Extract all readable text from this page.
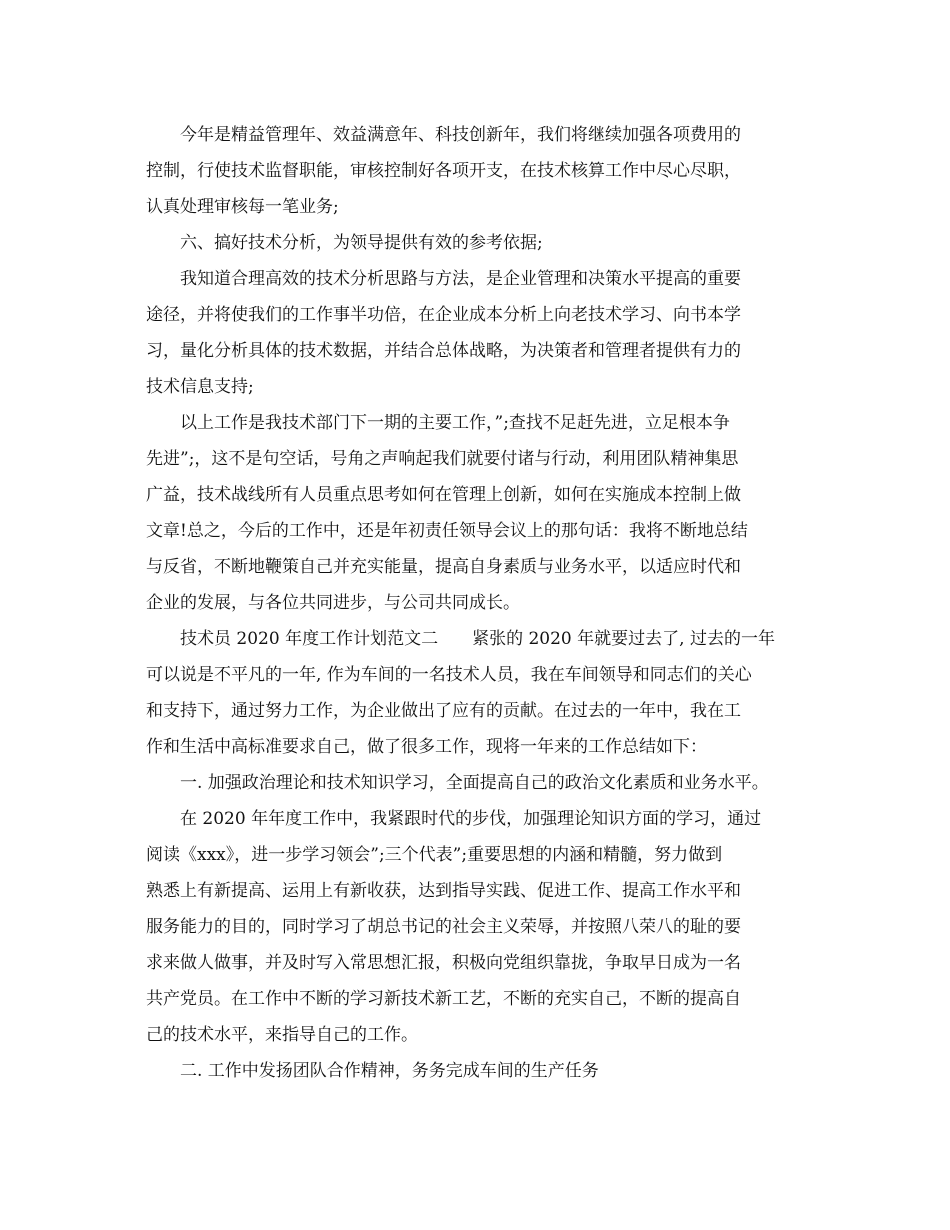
今年是精益管理年、效益满意年、科技创新年，我们将继续加强各项费用的
控制，行使技术监督职能，审核控制好各项开支，在技术核算工作中尽心尽职，
认真处理审核每一笔业务;
六、搞好技术分析，为领导提供有效的参考依据;
我知道合理高效的技术分析思路与方法，是企业管理和决策水平提高的重要
途径，并将使我们的工作事半功倍，在企业成本分析上向老技术学习、向书本学
习，量化分析具体的技术数据，并结合总体战略，为决策者和管理者提供有力的
技术信息支持;
以上工作是我技术部门下一期的主要工作，”;查找不足赶先进，立足根本争
先进”;，这不是句空话，号角之声响起我们就要付诸与行动，利用团队精神集思
广益，技术战线所有人员重点思考如何在管理上创新，如何在实施成本控制上做
文章!总之，今后的工作中，还是年初责任领导会议上的那句话：我将不断地总结
与反省，不断地鞭策自己并充实能量，提高自身素质与业务水平，以适应时代和
企业的发展，与各位共同进步，与公司共同成长。
技术员 2020 年度工作计划范文二　　紧张的 2020 年就要过去了, 过去的一年
可以说是不平凡的一年, 作为车间的一名技术人员，我在车间领导和同志们的关心
和支持下，通过努力工作，为企业做出了应有的贡献。在过去的一年中，我在工
作和生活中高标准要求自己，做了很多工作，现将一年来的工作总结如下：
一. 加强政治理论和技术知识学习，全面提高自己的政治文化素质和业务水平。
在 2020 年年度工作中，我紧跟时代的步伐，加强理论知识方面的学习，通过
阅读《xxx》，进一步学习领会”;三个代表”;重要思想的内涵和精髓，努力做到
熟悉上有新提高、运用上有新收获，达到指导实践、促进工作、提高工作水平和
服务能力的目的，同时学习了胡总书记的社会主义荣辱，并按照八荣八的耻的要
求来做人做事，并及时写入常思想汇报，积极向党组织靠拢，争取早日成为一名
共产党员。在工作中不断的学习新技术新工艺，不断的充实自己，不断的提高自
己的技术水平，来指导自己的工作。
二. 工作中发扬团队合作精神，务务完成车间的生产任务
